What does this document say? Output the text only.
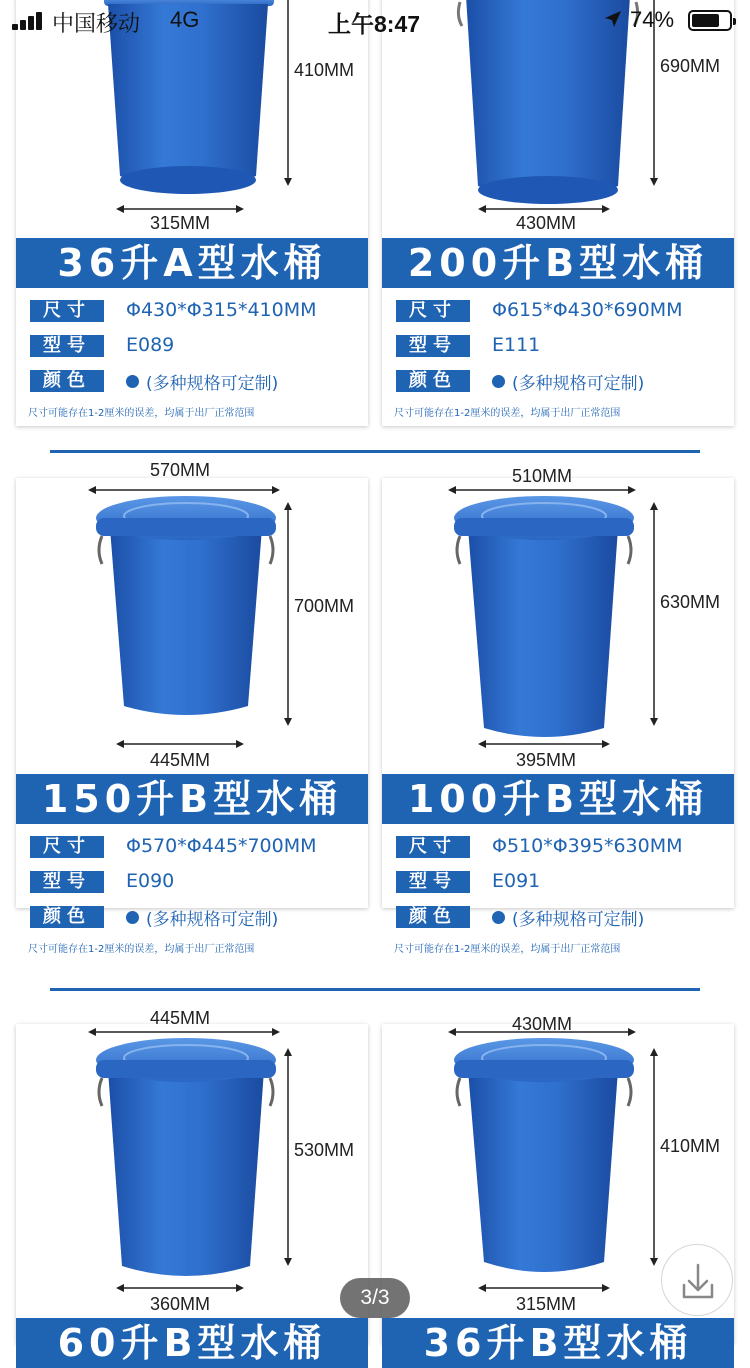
中国移动 4G	上午8:47	74%
410MM
315MM
36升A型水桶
尺寸	Φ430*Φ315*410MM
型号	E089
颜色	(多种规格可定制)
尺寸可能存在1-2厘米的误差，均属于出厂正常范围
690MM
430MM
200升B型水桶
尺寸	Φ615*Φ430*690MM
型号	E111
颜色	(多种规格可定制)
尺寸可能存在1-2厘米的误差，均属于出厂正常范围
570MM
700MM
445MM
150升B型水桶
尺寸	Φ570*Φ445*700MM
型号	E090
颜色	(多种规格可定制)
尺寸可能存在1-2厘米的误差，均属于出厂正常范围
510MM
630MM
395MM
100升B型水桶
尺寸	Φ510*Φ395*630MM
型号	E091
颜色	(多种规格可定制)
尺寸可能存在1-2厘米的误差，均属于出厂正常范围
445MM
530MM
360MM
60升B型水桶
430MM
410MM
315MM
36升B型水桶
3/3
